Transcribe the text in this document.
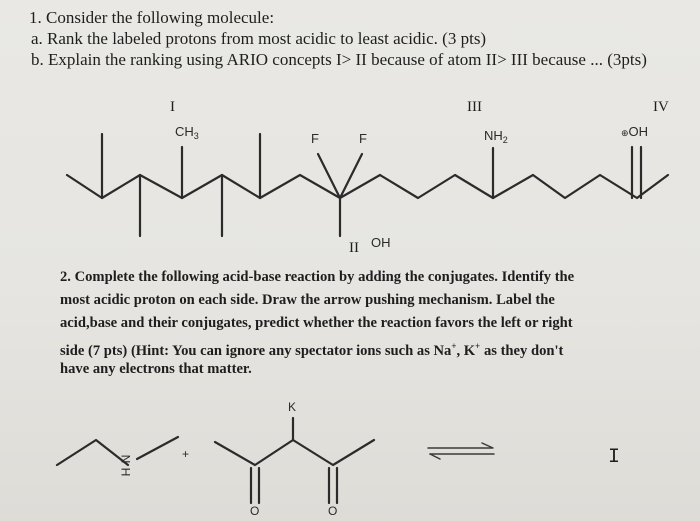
1. Consider the following molecule:
a. Rank the labeled protons from most acidic to least acidic. (3 pts)
b. Explain the ranking using ARIO concepts I> II because of atom II> III because ... (3pts)
I	III	IV
II
$CH_3$	F	F	$NH_2$
⊕OH
OH
2. Complete the following acid-base reaction by adding the conjugates. Identify the
most acidic proton on each side. Draw the arrow pushing mechanism. Label the
acid,base and their conjugates, predict whether the reaction favors the left or right
side (7 pts) (Hint: You can ignore any spectator ions such as Na+, K+ as they don't
have any electrons that matter.
N
H
+
K
O	O
I
